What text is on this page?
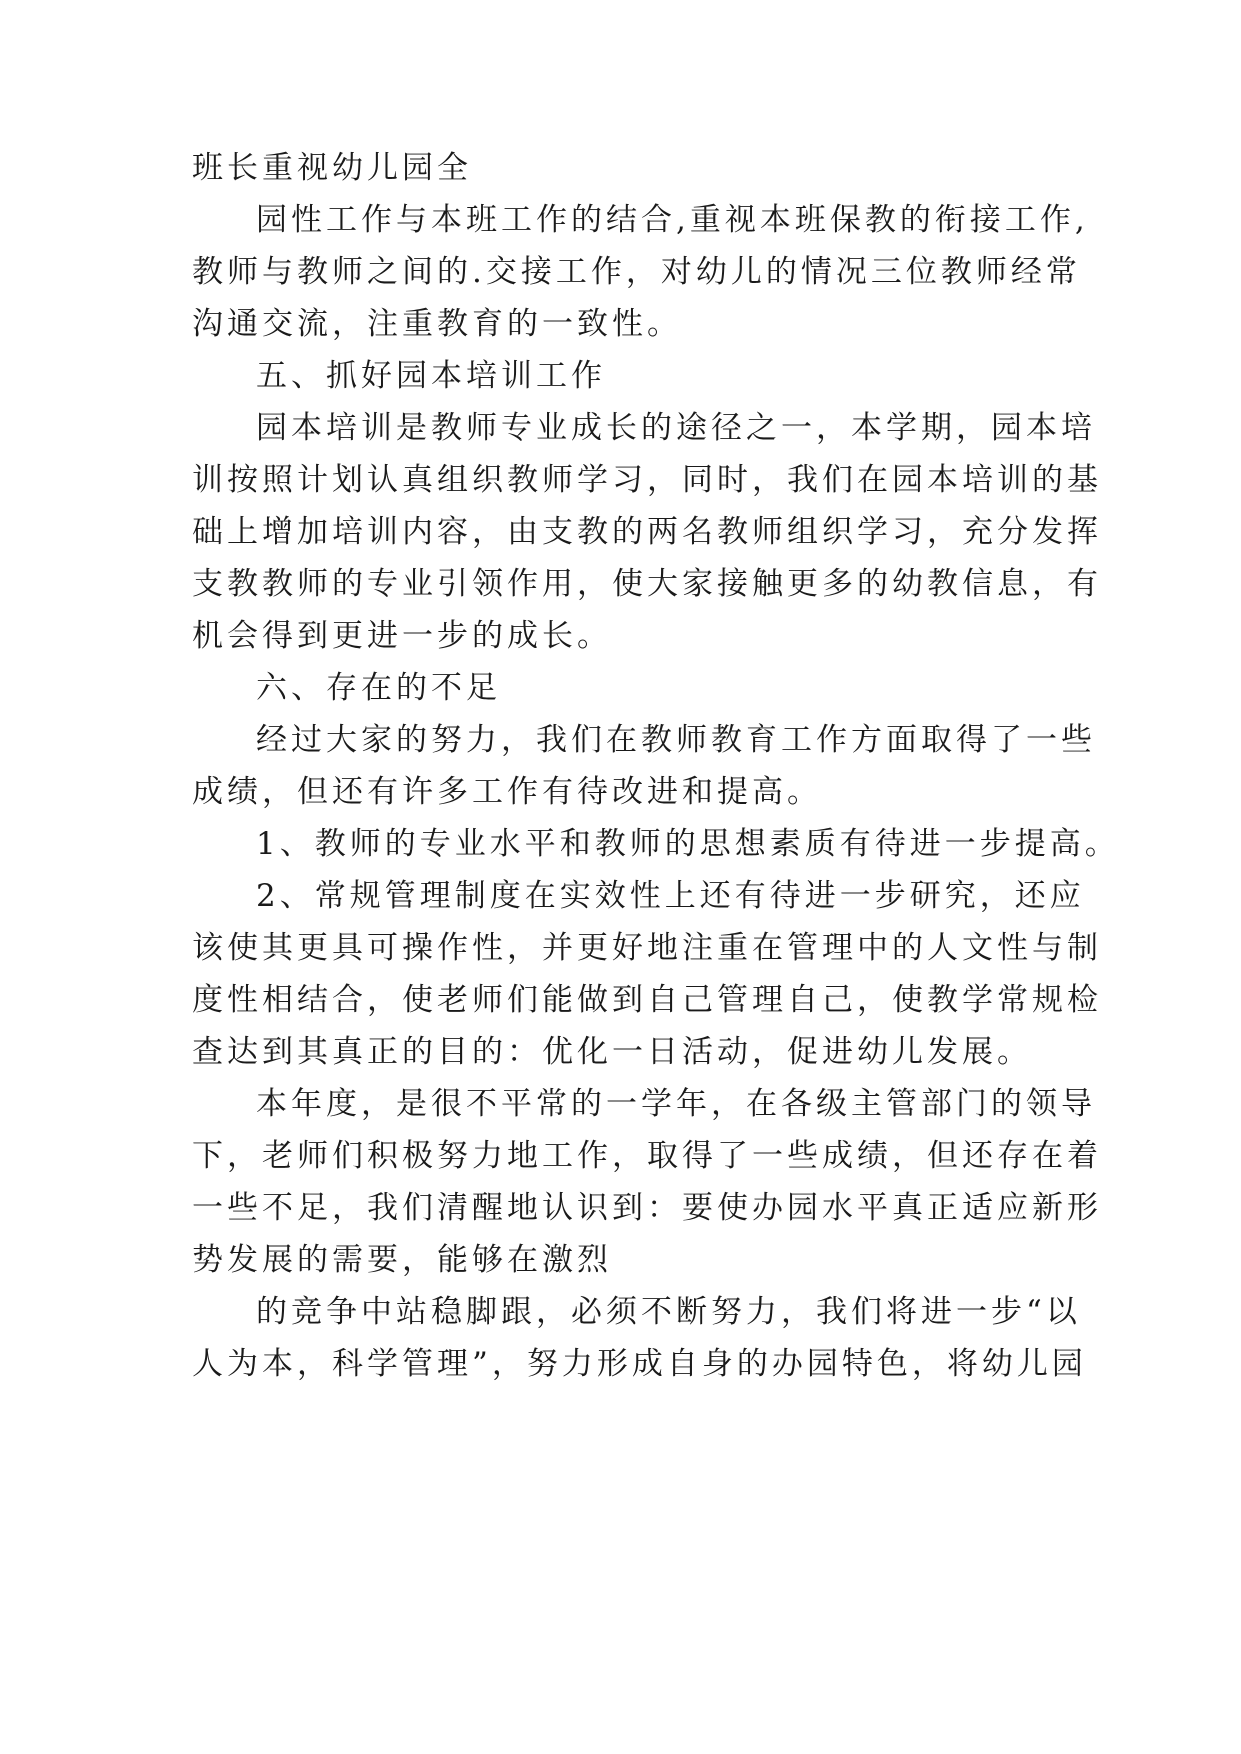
班长重视幼儿园全
园性工作与本班工作的结合,重视本班保教的衔接工作,
教师与教师之间的.交接工作，对幼儿的情况三位教师经常
沟通交流，注重教育的一致性。
五、抓好园本培训工作
园本培训是教师专业成长的途径之一，本学期，园本培
训按照计划认真组织教师学习，同时，我们在园本培训的基
础上增加培训内容，由支教的两名教师组织学习，充分发挥
支教教师的专业引领作用，使大家接触更多的幼教信息，有
机会得到更进一步的成长。
六、存在的不足
经过大家的努力，我们在教师教育工作方面取得了一些
成绩，但还有许多工作有待改进和提高。
1、教师的专业水平和教师的思想素质有待进一步提高。
2、常规管理制度在实效性上还有待进一步研究，还应
该使其更具可操作性，并更好地注重在管理中的人文性与制
度性相结合，使老师们能做到自己管理自己，使教学常规检
查达到其真正的目的：优化一日活动，促进幼儿发展。
本年度，是很不平常的一学年，在各级主管部门的领导
下，老师们积极努力地工作，取得了一些成绩，但还存在着
一些不足，我们清醒地认识到：要使办园水平真正适应新形
势发展的需要，能够在激烈
的竞争中站稳脚跟，必须不断努力，我们将进一步“以
人为本，科学管理”，努力形成自身的办园特色，将幼儿园
